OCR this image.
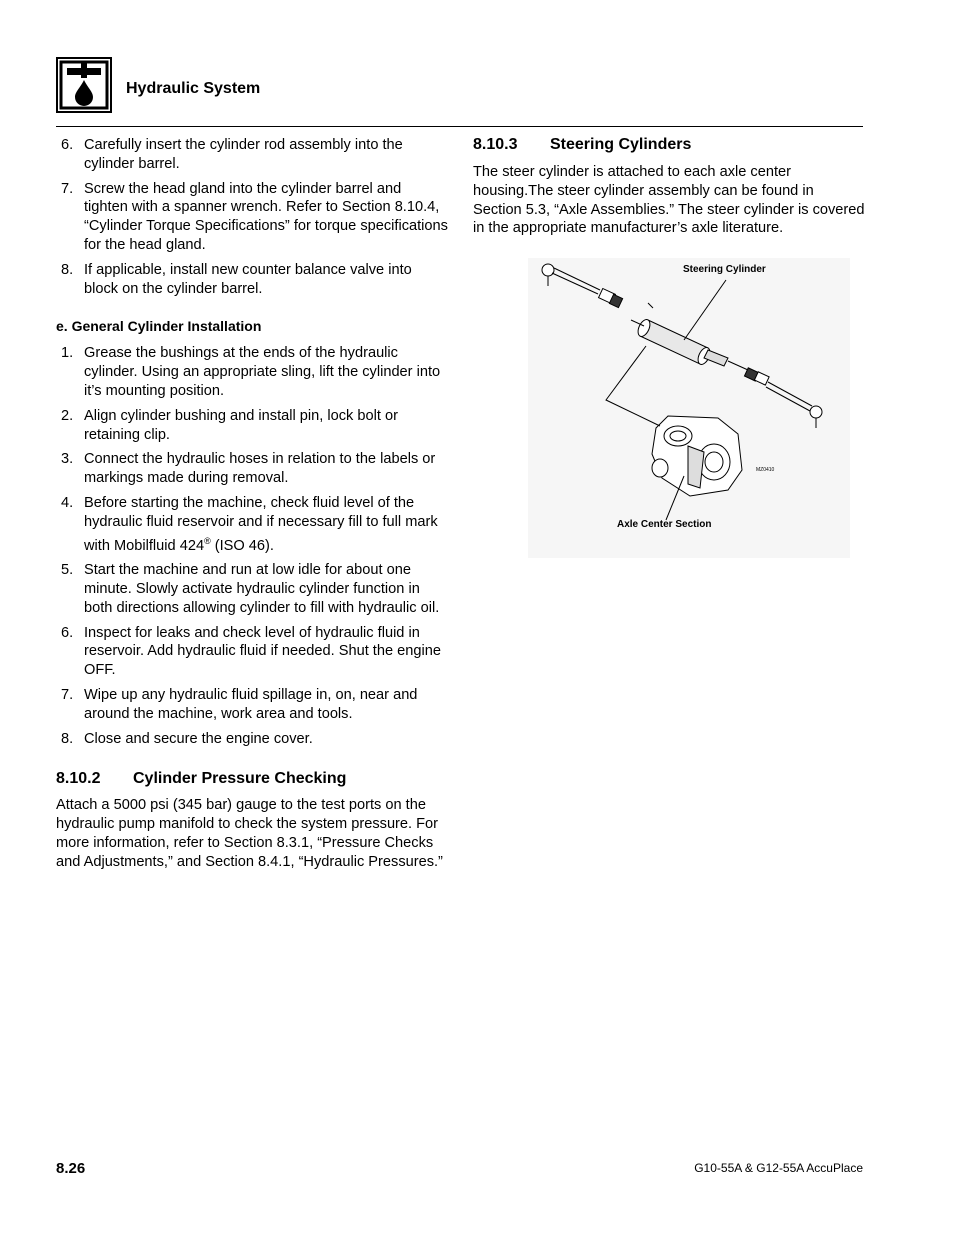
Hydraulic System
6. Carefully insert the cylinder rod assembly into the cylinder barrel.
7. Screw the head gland into the cylinder barrel and tighten with a spanner wrench. Refer to Section 8.10.4, “Cylinder Torque Specifications” for torque specifications for the head gland.
8. If applicable, install new counter balance valve into block on the cylinder barrel.
e. General Cylinder Installation
1. Grease the bushings at the ends of the hydraulic cylinder. Using an appropriate sling, lift the cylinder into it’s mounting position.
2. Align cylinder bushing and install pin, lock bolt or retaining clip.
3. Connect the hydraulic hoses in relation to the labels or markings made during removal.
4. Before starting the machine, check fluid level of the hydraulic fluid reservoir and if necessary fill to full mark with Mobilfluid 424® (ISO 46).
5. Start the machine and run at low idle for about one minute. Slowly activate hydraulic cylinder function in both directions allowing cylinder to fill with hydraulic oil.
6. Inspect for leaks and check level of hydraulic fluid in reservoir. Add hydraulic fluid if needed. Shut the engine OFF.
7. Wipe up any hydraulic fluid spillage in, on, near and around the machine, work area and tools.
8. Close and secure the engine cover.
8.10.2 Cylinder Pressure Checking
Attach a 5000 psi (345 bar) gauge to the test ports on the hydraulic pump manifold to check the system pressure. For more information, refer to Section 8.3.1, “Pressure Checks and Adjustments,” and Section 8.4.1, “Hydraulic Pressures.”
8.10.3 Steering Cylinders
The steer cylinder is attached to each axle center housing.The steer cylinder assembly can be found in Section 5.3, “Axle Assemblies.” The steer cylinder is covered in the appropriate manufacturer’s axle literature.
Steering Cylinder
Axle Center Section
MZ0410
8.26	G10-55A & G12-55A AccuPlace
